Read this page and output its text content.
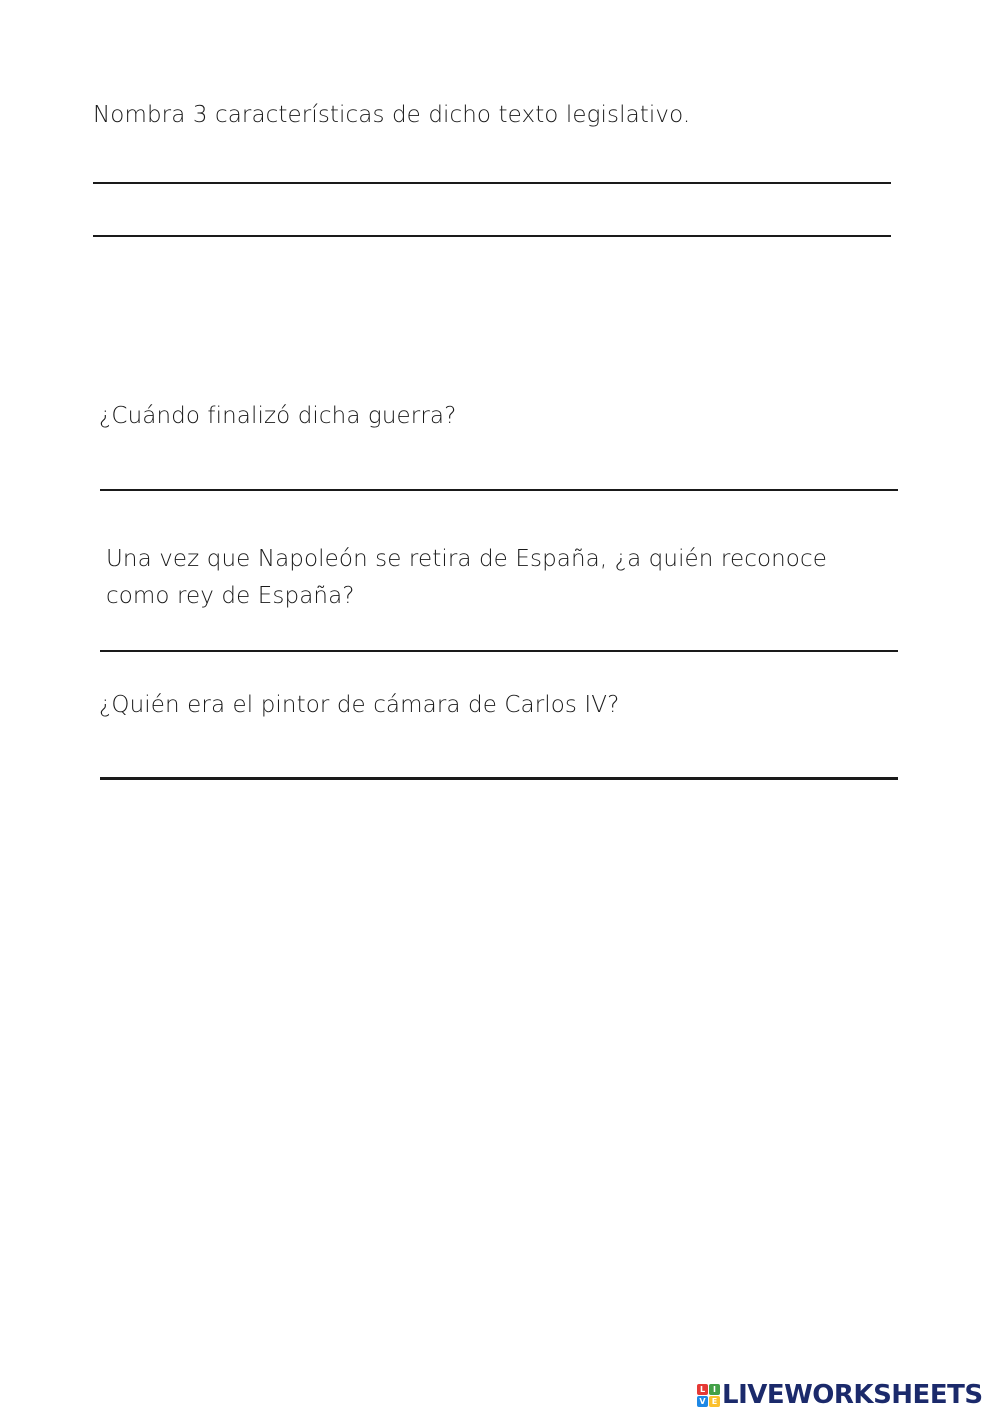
Nombra 3 características de dicho texto legislativo.

¿Cuándo finalizó dicha guerra?

Una vez que Napoleón se retira de España, ¿a quién reconoce

como rey de España?

¿Quién era el pintor de cámara de Carlos IV?

L I
V E LIVEWORKSHEETS
